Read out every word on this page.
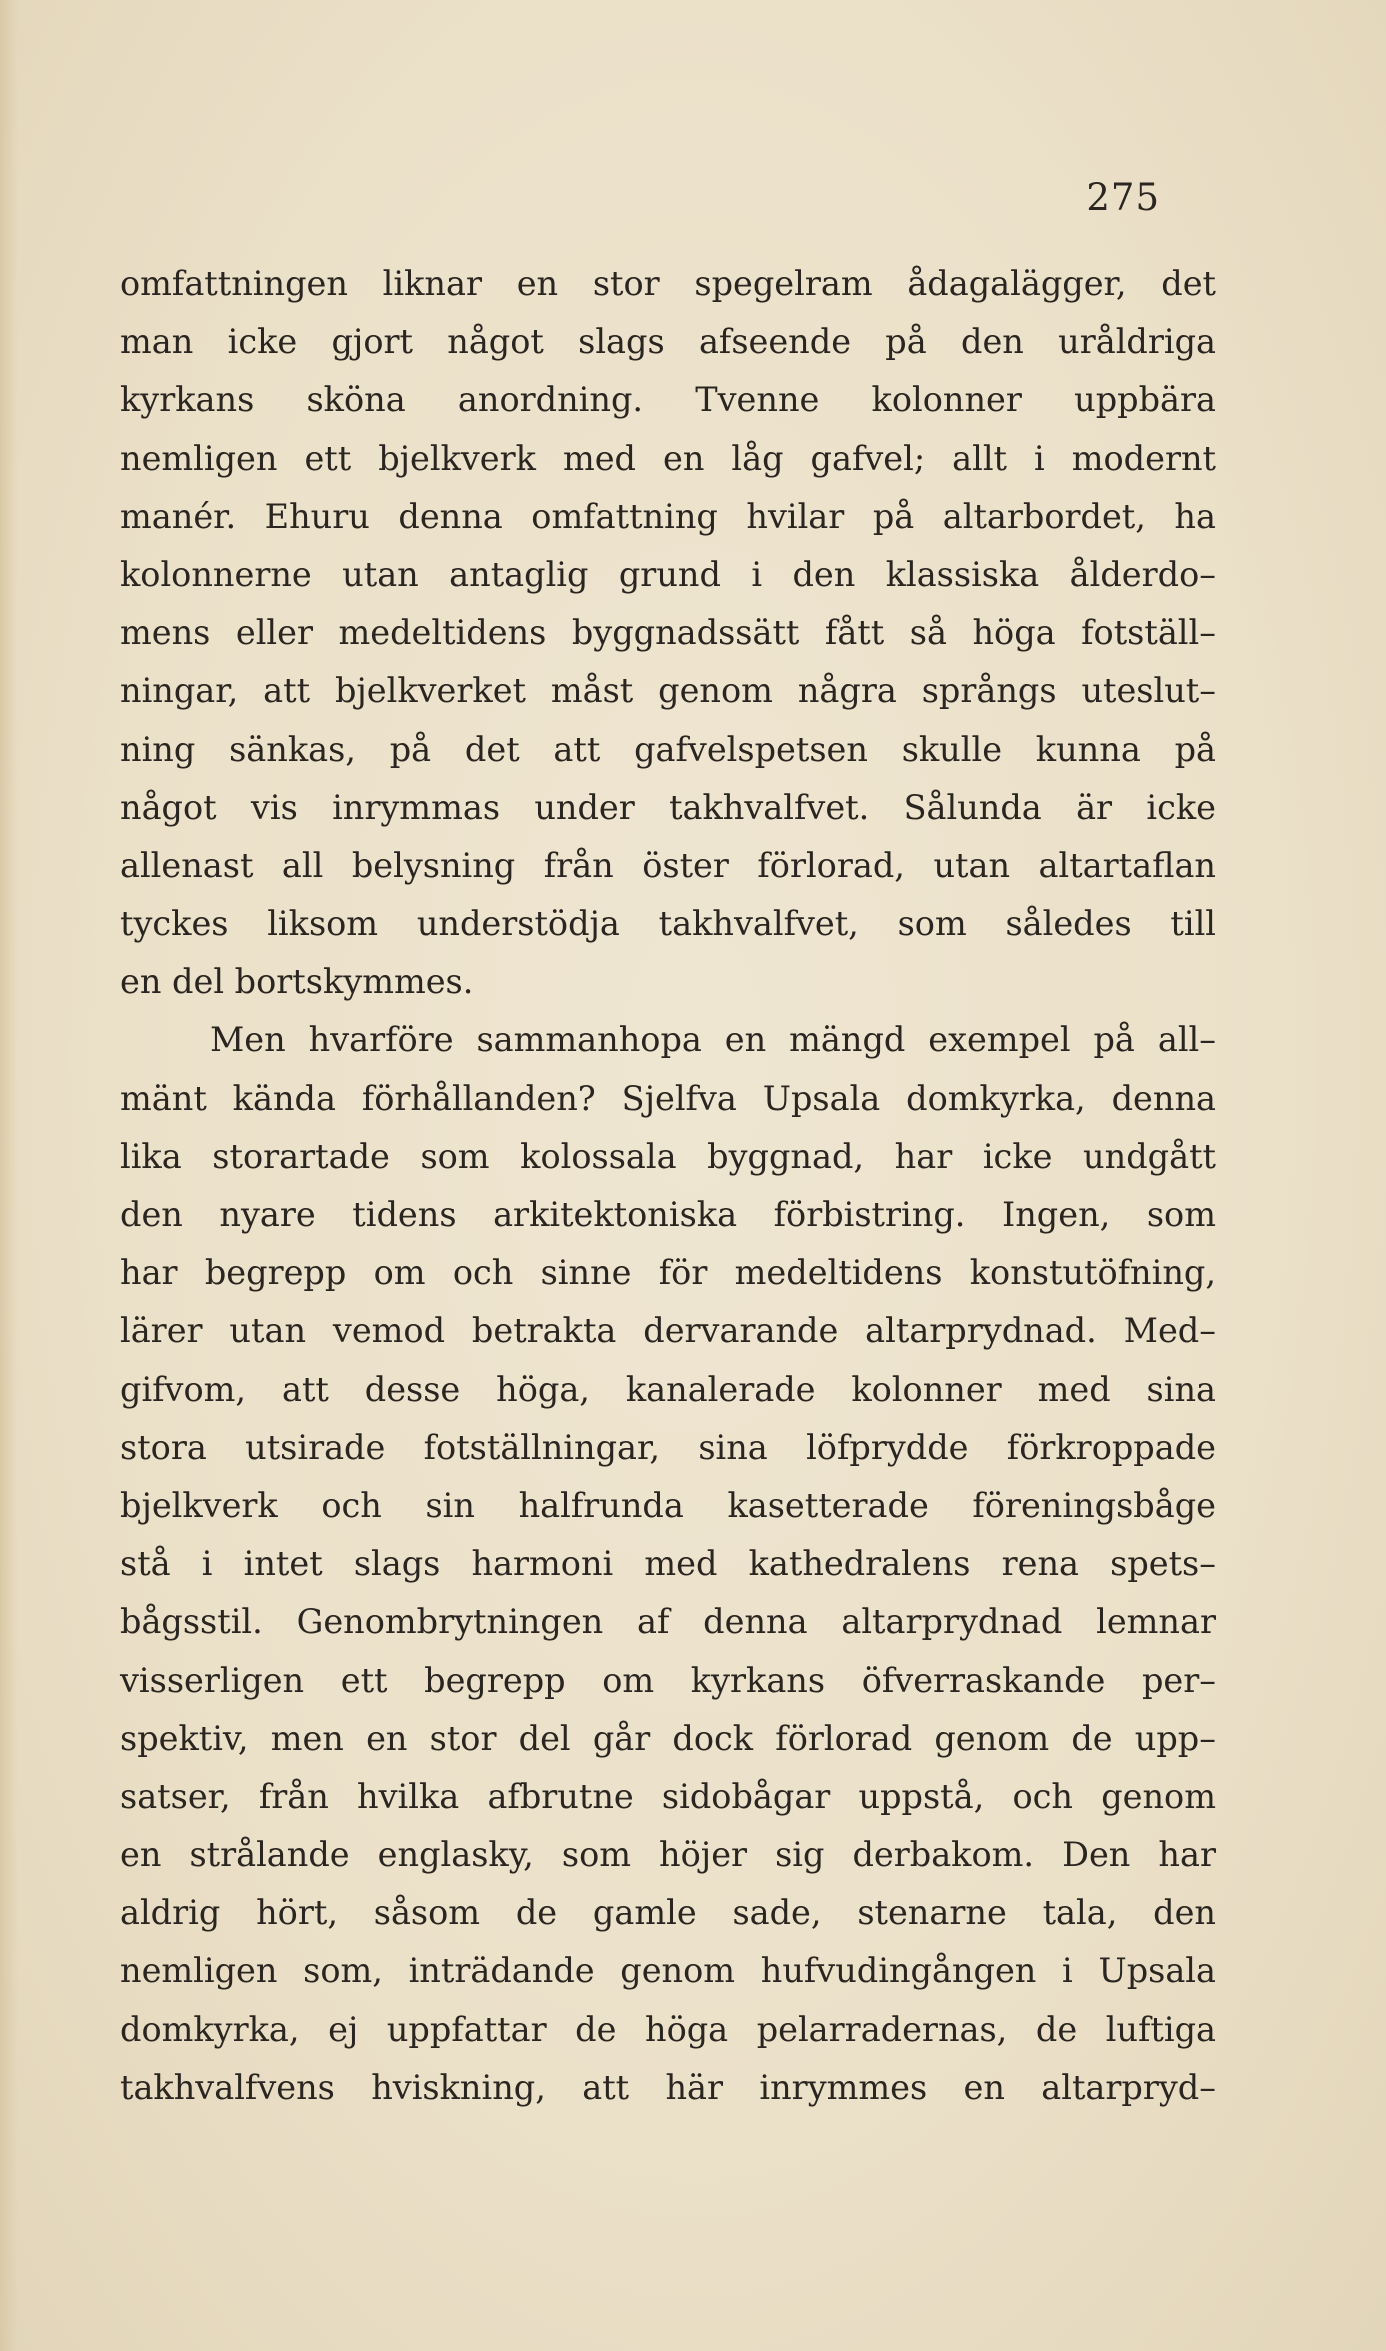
275
omfattningen liknar en stor spegelram ådagalägger, det
man icke gjort något slags afseende på den uråldriga
kyrkans sköna anordning. Tvenne kolonner uppbära
nemligen ett bjelkverk med en låg gafvel; allt i modernt
manér. Ehuru denna omfattning hvilar på altarbordet, ha
kolonnerne utan antaglig grund i den klassiska ålderdo–
mens eller medeltidens byggnadssätt fått så höga fotställ–
ningar, att bjelkverket måst genom några språngs uteslut–
ning sänkas, på det att gafvelspetsen skulle kunna på
något vis inrymmas under takhvalfvet. Sålunda är icke
allenast all belysning från öster förlorad, utan altartaflan
tyckes liksom understödja takhvalfvet, som således till
en del bortskymmes.
Men hvarföre sammanhopa en mängd exempel på all–
mänt kända förhållanden? Sjelfva Upsala domkyrka, denna
lika storartade som kolossala byggnad, har icke undgått
den nyare tidens arkitektoniska förbistring. Ingen, som
har begrepp om och sinne för medeltidens konstutöfning,
lärer utan vemod betrakta dervarande altarprydnad. Med–
gifvom, att desse höga, kanalerade kolonner med sina
stora utsirade fotställningar, sina löfprydde förkroppade
bjelkverk och sin halfrunda kasetterade föreningsbåge
stå i intet slags harmoni med kathedralens rena spets–
bågsstil. Genombrytningen af denna altarprydnad lemnar
visserligen ett begrepp om kyrkans öfverraskande per–
spektiv, men en stor del går dock förlorad genom de upp–
satser, från hvilka afbrutne sidobågar uppstå, och genom
en strålande englasky, som höjer sig derbakom. Den har
aldrig hört, såsom de gamle sade, stenarne tala, den
nemligen som, inträdande genom hufvudingången i Upsala
domkyrka, ej uppfattar de höga pelarradernas, de luftiga
takhvalfvens hviskning, att här inrymmes en altarpryd–
